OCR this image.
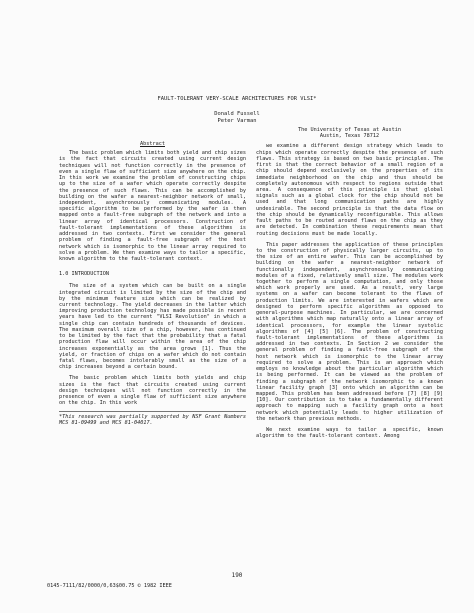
FAULT-TOLERANT VERY-SCALE ARCHITECTURES FOR VLSI*
Donald Fussell
Peter Varman
Abstract

The basic problem which limits both yield and chip sizes is the fact that circuits created using current design techniques will not function correctly in the presence of even a single flaw of sufficient size anywhere on the chip. In this work we examine the problem of constructing chips up to the size of a wafer which operate correctly despite the presence of such flaws. This can be accomplished by building on the wafer a nearest-neighbor network of small, independent, asynchronously communicating modules. A specific algorithm to be performed by the wafer is then mapped onto a fault-free subgraph of the network and into a linear array of identical processors. Construction of fault-tolerant implementations of these algorithms is addressed in two contexts. First we consider the general problem of finding a fault-free subgraph of the host network which is isomorphic to the linear array required to solve a problem. We then examine ways to tailor a specific, known algorithm to the fault-tolerant context.

1.0 INTRODUCTION

The size of a system which can be built on a single integrated circuit is limited by the size of the chip and by the minimum feature size which can be realized by current technology. The yield decreases in the latter which improving production technology has made possible in recent years have led to the current "VLSI Revolution" in which a single chip can contain hundreds of thousands of devices. The maximum overall size of a chip, however, has continued to be limited by the fact that the probability that a fatal production flaw will occur within the area of the chip increases exponentially as the area grows [1]. Thus the yield, or fraction of chips on a wafer which do not contain fatal flaws, becomes intolerably small as the size of a chip increases beyond a certain bound.

The basic problem which limits both yields and chip sizes is the fact that circuits created using current design techniques will not function correctly in the presence of even a single flaw of sufficient size anywhere on the chip. In this work

*This research was partially supported by NSF Grant Numbers MCS 81-09499 and MCS 81-04017.

The University of Texas at Austin
Austin, Texas 78712

we examine a different design strategy which leads to chips which operate correctly despite the presence of such flaws. This strategy is based on two basic principles. The first is that the correct behavior of a small region of a chip should depend exclusively on the properties of its immediate neighborhood on the chip and thus should be completely autonomous with respect to regions outside that area. A consequence of this principle is that global signals such as a global clock for the chip should not be used and that long communication paths are highly undesirable. The second principle is that the data flow on the chip should be dynamically reconfigurable. This allows fault paths to be routed around flaws on the chip as they are detected. In combination these requirements mean that routing decisions must be made locally.

This paper addresses the application of these principles to the construction of physically larger circuits, up to the size of an entire wafer. This can be accomplished by building on the wafer a nearest-neighbor network of functionally independent, asynchronously communicating modules of a fixed, relatively small size. The modules work together to perform a single computation, and only those which work properly are used. As a result, very large systems on a wafer can become tolerant to the flaws of production limits. We are interested in wafers which are designed to perform specific algorithms as opposed to general-purpose machines. In particular, we are concerned with algorithms which map naturally onto a linear array of identical processors, for example the linear systolic algorithms of [4] [5] [6]. The problem of constructing fault-tolerant implementations of these algorithms is addressed in two contexts. In Section 2 we consider the general problem of finding a fault-free subgraph of the host network which is isomorphic to the linear array required to solve a problem. This is an approach which employs no knowledge about the particular algorithm which is being performed. It can be viewed as the problem of finding a subgraph of the network isomorphic to a known linear facility graph [3] onto which an algorithm can be mapped. This problem has been addressed before [7] [8] [9] [10]. Our contribution is to take a fundamentally different approach to mapping such a facility graph onto a host network which potentially leads to higher utilization of the network than previous methods.

We next examine ways to tailor a specific, known algorithm to the fault-tolerant context. Among

190
0145-7111/82/0000/0,63$00.75 © 1982 IEEE
